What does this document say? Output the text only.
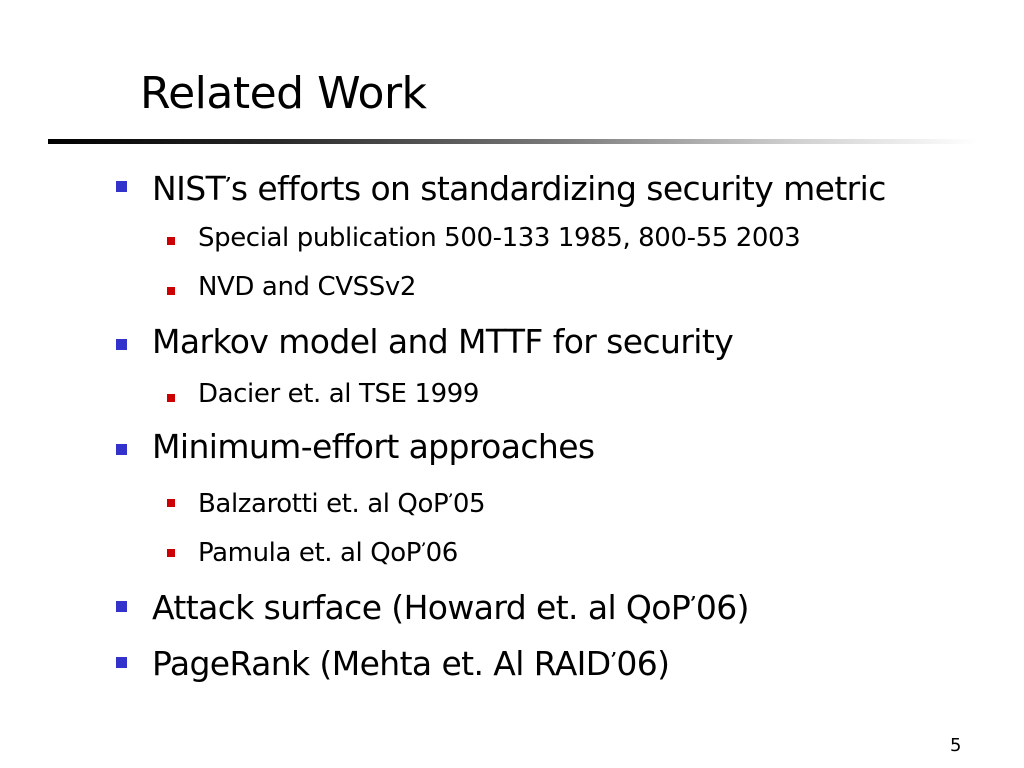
Related Work
NIST’s efforts on standardizing security metric
Special publication 500-133 1985, 800-55 2003
NVD and CVSSv2
Markov model and MTTF for security
Dacier et. al TSE 1999
Minimum-effort approaches
Balzarotti et. al QoP’05
Pamula et. al QoP’06
Attack surface (Howard et. al QoP’06)
PageRank (Mehta et. Al RAID’06)
5
